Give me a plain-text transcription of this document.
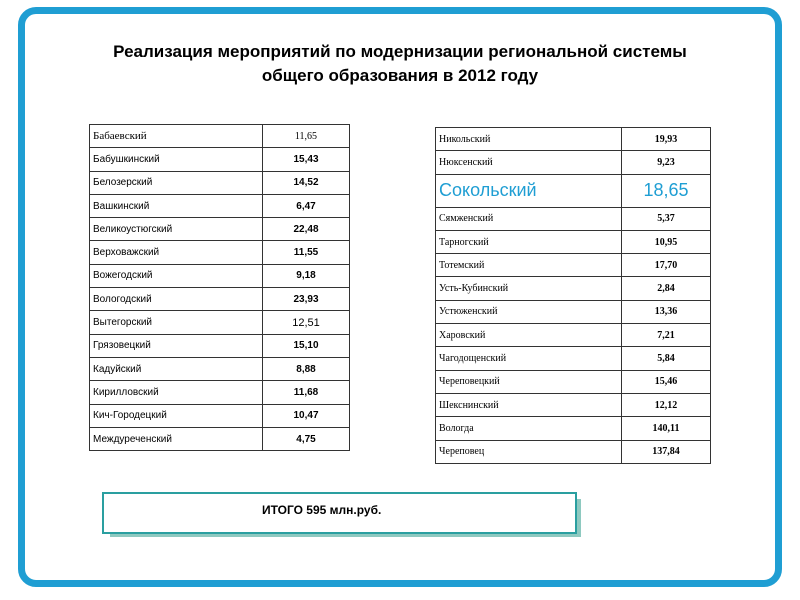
Реализация мероприятий по модернизации региональной системы
общего образования в 2012 году
Бабаевский	11,65
Бабушкинский	15,43
Белозерский	14,52
Вашкинский	6,47
Великоустюгский	22,48
Верховажский	11,55
Вожегодский	9,18
Вологодский	23,93
Вытегорский	12,51
Грязовецкий	15,10
Кадуйский	8,88
Кирилловский	11,68
Кич-Городецкий	10,47
Междуреченский	4,75
Никольский	19,93
Нюксенский	9,23
Сокольский	18,65
Сямженский	5,37
Тарногский	10,95
Тотемский	17,70
Усть-Кубинский	2,84
Устюженский	13,36
Харовский	7,21
Чагодощенский	5,84
Череповецкий	15,46
Шекснинский	12,12
Вологда	140,11
Череповец	137,84
ИТОГО 595 млн.руб.
